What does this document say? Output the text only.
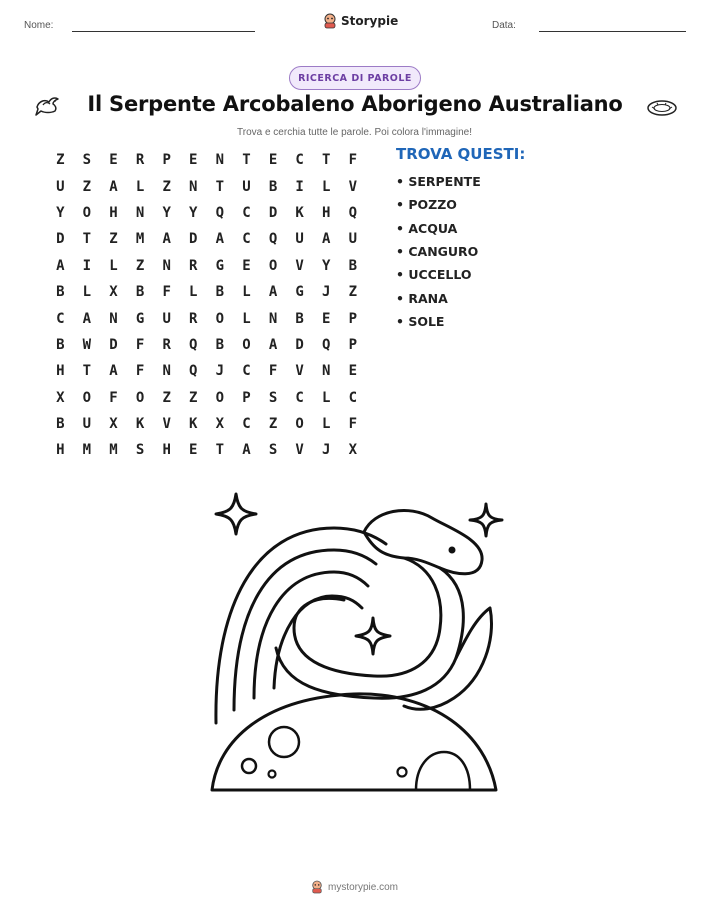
Nome:	Storypie	Data:
RICERCA DI PAROLE
Il Serpente Arcobaleno Aborigeno Australiano
Trova e cerchia tutte le parole. Poi colora l'immagine!
Z	S	E	R	P	E	N	T	E	C	T	F
U	Z	A	L	Z	N	T	U	B	I	L	V
Y	O	H	N	Y	Y	Q	C	D	K	H	Q
D	T	Z	M	A	D	A	C	Q	U	A	U
A	I	L	Z	N	R	G	E	O	V	Y	B
B	L	X	B	F	L	B	L	A	G	J	Z
C	A	N	G	U	R	O	L	N	B	E	P
B	W	D	F	R	Q	B	O	A	D	Q	P
H	T	A	F	N	Q	J	C	F	V	N	E
X	O	F	O	Z	Z	O	P	S	C	L	C
B	U	X	K	V	K	X	C	Z	O	L	F
H	M	M	S	H	E	T	A	S	V	J	X
TROVA QUESTI:
• SERPENTE
• POZZO
• ACQUA
• CANGURO
• UCCELLO
• RANA
• SOLE
mystorypie.com
